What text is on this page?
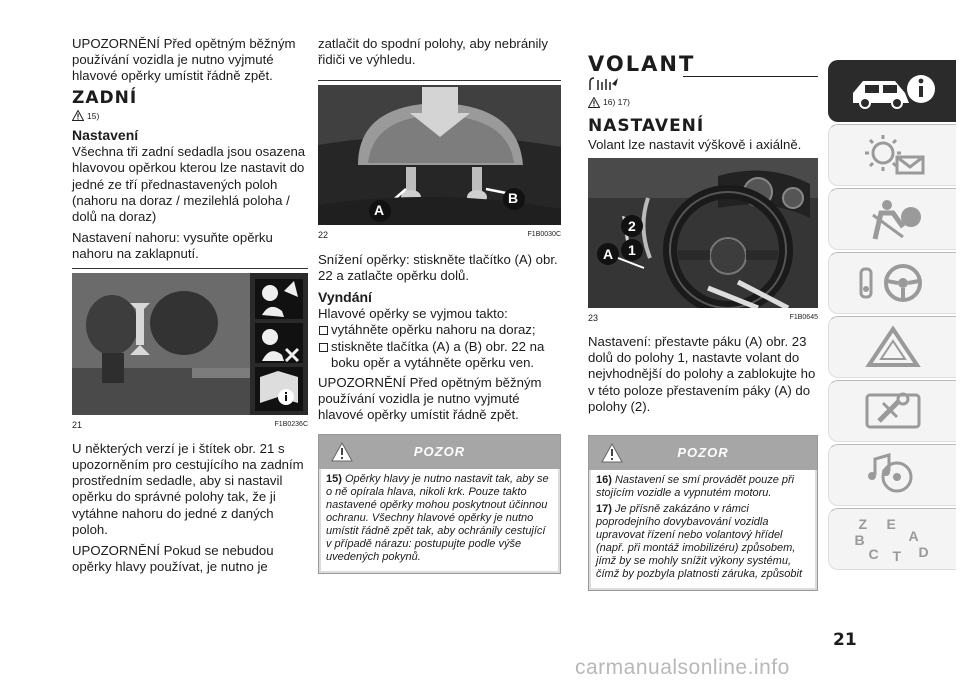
UPOZORNĚNÍ Před opětným běžným používání vozidla je nutno vyjmuté hlavové opěrky umístit řádně zpět.

ZADNÍ
15)
Nastavení

Všechna tři zadní sedadla jsou osazena hlavovou opěrkou kterou lze nastavit do jedné ze tří přednastavených poloh (nahoru na doraz / mezilehlá poloha / dolů na doraz)

Nastavení nahoru: vysuňte opěrku nahoru na zaklapnutí.

21	F1B0236C

U některých verzí je i štítek obr. 21 s upozorněním pro cestujícího na zadním prostředním sedadle, aby si nastavil opěrku do správné polohy tak, že ji vytáhne nahoru do jedné z daných poloh.

UPOZORNĚNÍ Pokud se nebudou opěrky hlavy používat, je nutno je

zatlačit do spodní polohy, aby nebránily řidiči ve výhledu.

A
B
22	F1B0030C

Snížení opěrky: stiskněte tlačítko (A) obr. 22 a zatlačte opěrku dolů.

Vyndání

Hlavové opěrky se vyjmou takto:

vytáhněte opěrku nahoru na doraz;
stiskněte tlačítka (A) a (B) obr. 22 na boku opěr a vytáhněte opěrku ven.

UPOZORNĚNÍ Před opětným běžným používání vozidla je nutno vyjmuté hlavové opěrky umístit řádně zpět.

POZOR

15) Opěrky hlavy je nutno nastavit tak, aby se o ně opírala hlava, nikoli krk. Pouze takto nastavené opěrky mohou poskytnout účinnou ochranu. Všechny hlavové opěrky je nutno umístit řádně zpět tak, aby ochránily cestující v případě nárazu: postupujte podle výše uvedených pokynů.

VOLANT
16) 17)
NASTAVENÍ

Volant lze nastavit výškově i axiálně.

2
1
A
23	F1B0645

Nastavení: přestavte páku (A) obr. 23 dolů do polohy 1, nastavte volant do nejvhodnější do polohy a zablokujte ho v této poloze přestavením páky (A) do polohy (2).

POZOR

16) Nastavení se smí provádět pouze při stojícím vozidle a vypnutém motoru.

17) Je přísně zakázáno v rámci poprodejního dovybavování vozidla upravovat řízení nebo volantový hřídel (např. při montáž imobilizéru) způsobem, jímž by se mohly snížit výkony systému, čímž by pozbyla platnosti záruka, způsobit

Z E
A
B
C	D
T
21
carmanualsonline.info
